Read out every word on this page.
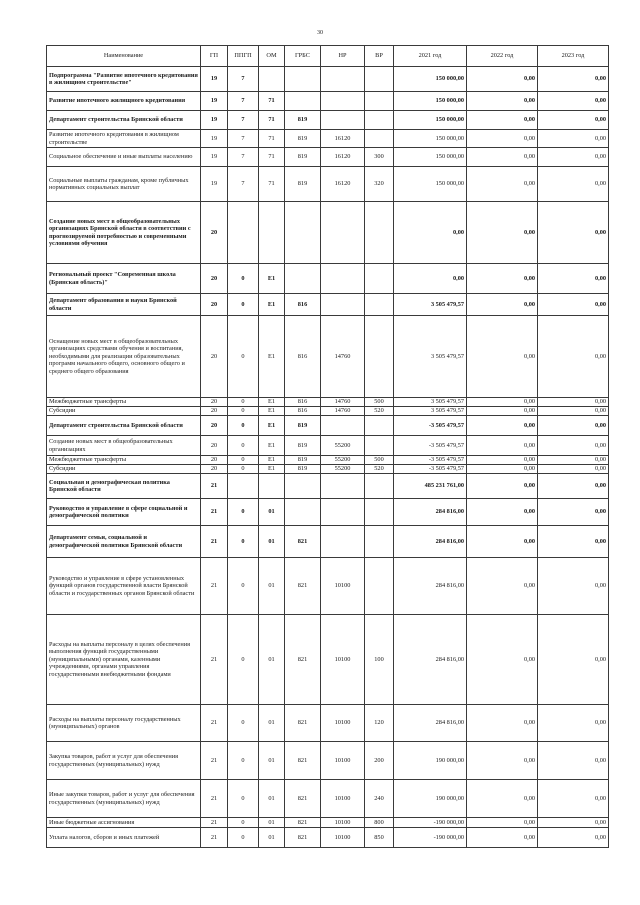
30
Наименование	ГП	ППГП	ОМ	ГРБС	НР	ВР	2021 год	2022 год	2023 год
Подпрограмма "Развитие ипотечного кредитования в жилищном строительстве"	19	7					150 000,00	0,00	0,00
Развитие ипотечного жилищного кредитования	19	7	71				150 000,00	0,00	0,00
Департамент строительства Брянской области	19	7	71	819			150 000,00	0,00	0,00
Развитие ипотечного кредитования в жилищном строительстве	19	7	71	819	16120		150 000,00	0,00	0,00
Социальное обеспечение и иные выплаты населению	19	7	71	819	16120	300	150 000,00	0,00	0,00
Социальные выплаты гражданам, кроме публичных нормативных социальных выплат	19	7	71	819	16120	320	150 000,00	0,00	0,00
Создание новых мест в общеобразовательных организациях Брянской области в соответствии с прогнозируемой потребностью и современными условиями обучения	20						0,00	0,00	0,00
Региональный проект "Современная школа (Брянская область)"	20	0	E1				0,00	0,00	0,00
Департамент образования и науки Брянской области	20	0	E1	816			3 505 479,57	0,00	0,00
Оснащение новых мест в общеобразовательных организациях средствами обучения и воспитания, необходимыми для реализации образовательных программ начального общего, основного общего и среднего общего образования	20	0	E1	816	14760		3 505 479,57	0,00	0,00
Межбюджетные трансферты	20	0	E1	816	14760	500	3 505 479,57	0,00	0,00
Субсидии	20	0	E1	816	14760	520	3 505 479,57	0,00	0,00
Департамент строительства Брянской области	20	0	E1	819			-3 505 479,57	0,00	0,00
Создание новых мест в общеобразовательных организациях	20	0	E1	819	55200		-3 505 479,57	0,00	0,00
Межбюджетные трансферты	20	0	E1	819	55200	500	-3 505 479,57	0,00	0,00
Субсидии	20	0	E1	819	55200	520	-3 505 479,57	0,00	0,00
Социальная и демографическая политика Брянской области	21						485 231 761,00	0,00	0,00
Руководство и управление в сфере социальной и демографической политики	21	0	01				284 816,00	0,00	0,00
Департамент семьи, социальной и демографической политики Брянской области	21	0	01	821			284 816,00	0,00	0,00
Руководство и управление в сфере установленных функций органов государственной власти Брянской области и государственных органов Брянской области	21	0	01	821	10100		284 816,00	0,00	0,00
Расходы на выплаты персоналу в целях обеспечения выполнения функций государственными (муниципальными) органами, казенными учреждениями, органами управления государственными внебюджетными фондами	21	0	01	821	10100	100	284 816,00	0,00	0,00
Расходы на выплаты персоналу государственных (муниципальных) органов	21	0	01	821	10100	120	284 816,00	0,00	0,00
Закупка товаров, работ и услуг для обеспечения государственных (муниципальных) нужд	21	0	01	821	10100	200	190 000,00	0,00	0,00
Иные закупки товаров, работ и услуг для обеспечения государственных (муниципальных) нужд	21	0	01	821	10100	240	190 000,00	0,00	0,00
Иные бюджетные ассигнования	21	0	01	821	10100	800	-190 000,00	0,00	0,00
Уплата налогов, сборов и иных платежей	21	0	01	821	10100	850	-190 000,00	0,00	0,00
